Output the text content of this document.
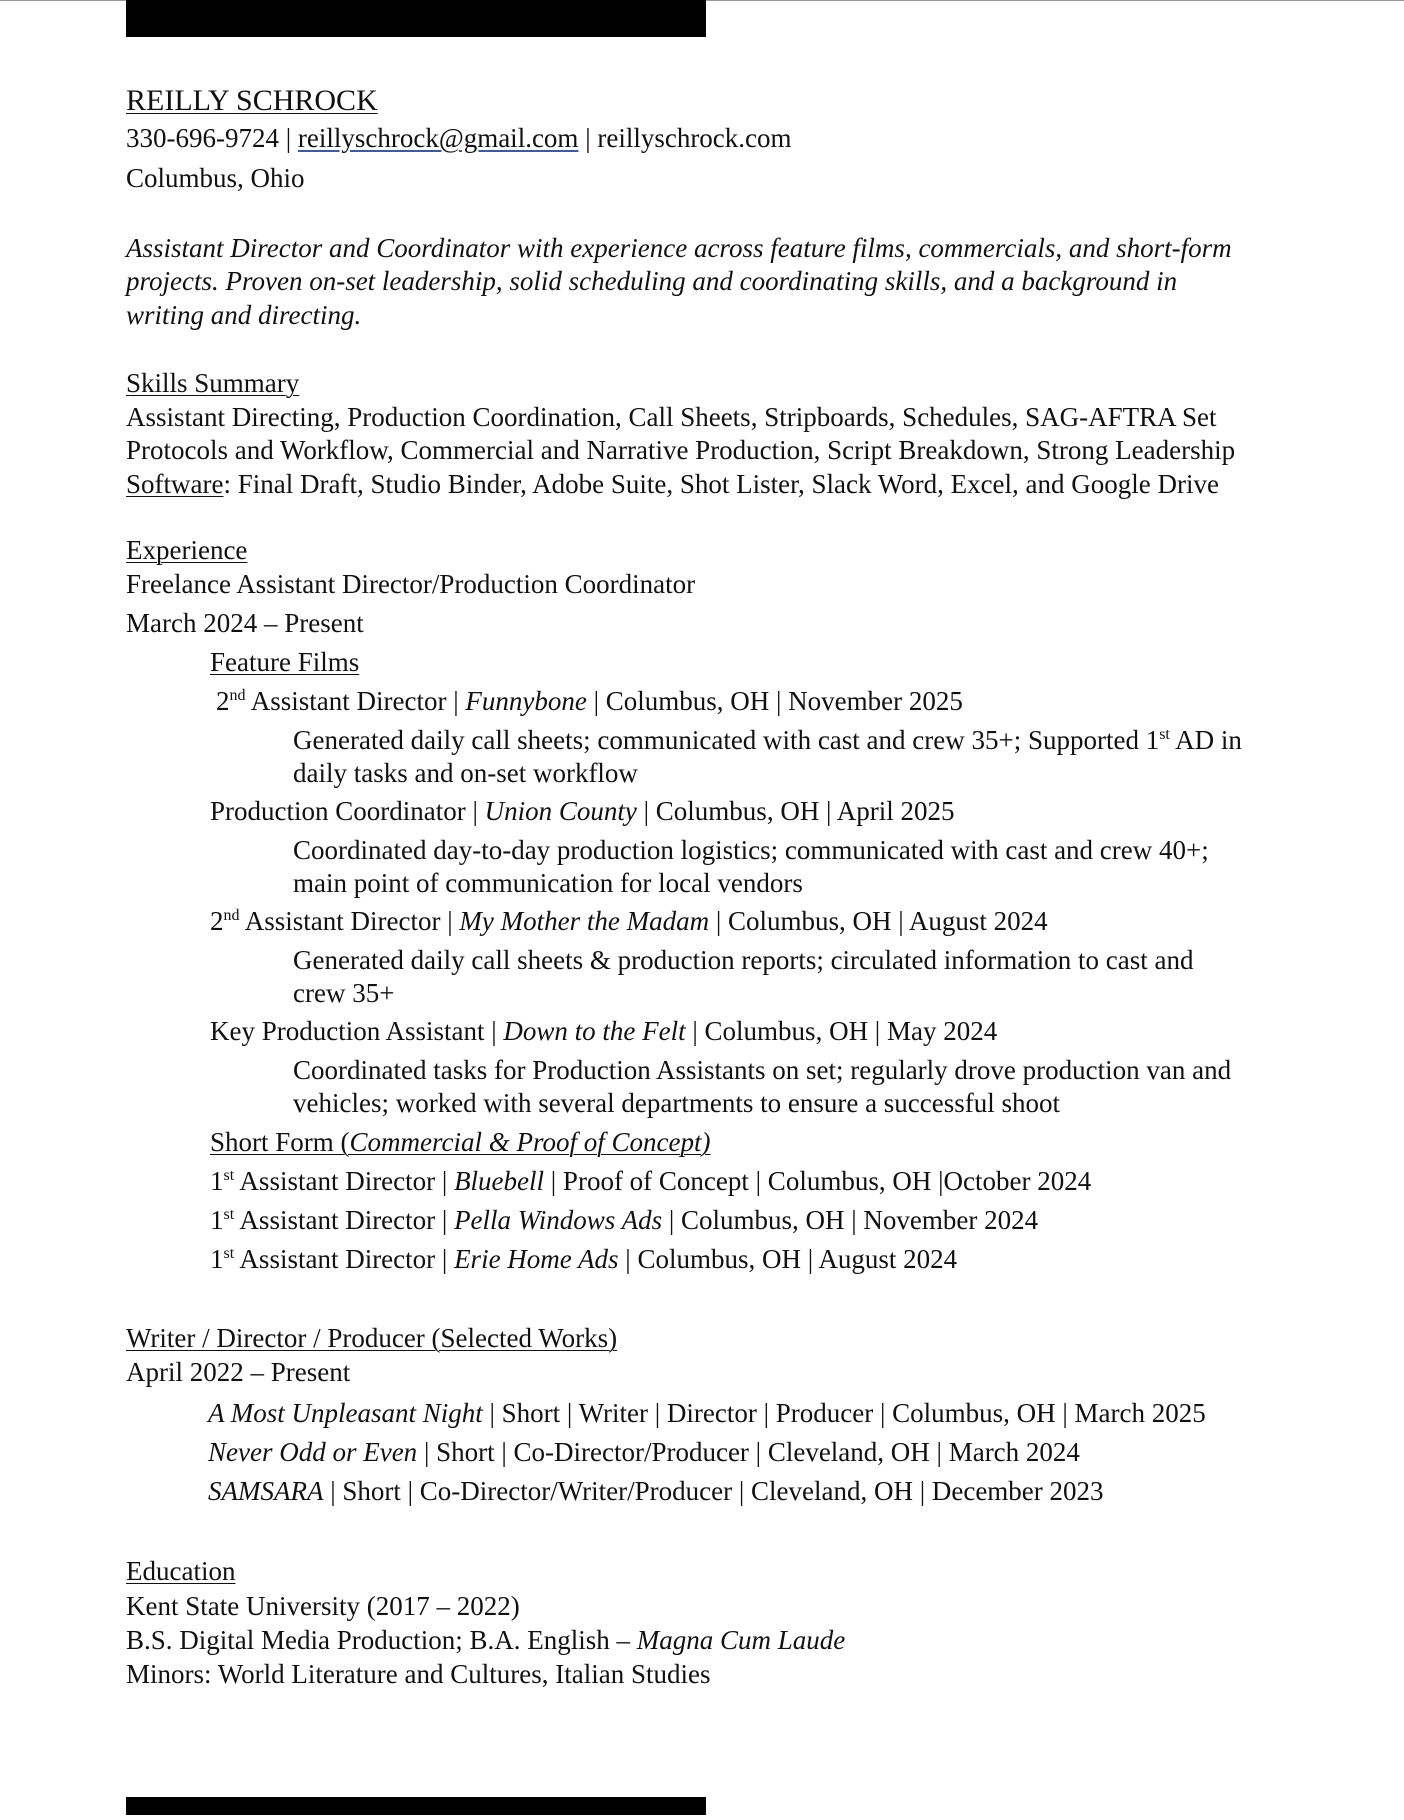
REILLY SCHROCK
330-696-9724 | reillyschrock@gmail.com | reillyschrock.com
Columbus, Ohio
Assistant Director and Coordinator with experience across feature films, commercials, and short-form
projects. Proven on-set leadership, solid scheduling and coordinating skills, and a background in
writing and directing.
Skills Summary
Assistant Directing, Production Coordination, Call Sheets, Stripboards, Schedules, SAG-AFTRA Set
Protocols and Workflow, Commercial and Narrative Production, Script Breakdown, Strong Leadership
Software: Final Draft, Studio Binder, Adobe Suite, Shot Lister, Slack Word, Excel, and Google Drive
Experience
Freelance Assistant Director/Production Coordinator
March 2024 – Present
Feature Films
2nd Assistant Director | Funnybone | Columbus, OH | November 2025
Generated daily call sheets; communicated with cast and crew 35+; Supported 1st AD in
daily tasks and on-set workflow
Production Coordinator | Union County | Columbus, OH | April 2025
Coordinated day-to-day production logistics; communicated with cast and crew 40+;
main point of communication for local vendors
2nd Assistant Director | My Mother the Madam | Columbus, OH | August 2024
Generated daily call sheets & production reports; circulated information to cast and
crew 35+
Key Production Assistant | Down to the Felt | Columbus, OH | May 2024
Coordinated tasks for Production Assistants on set; regularly drove production van and
vehicles; worked with several departments to ensure a successful shoot
Short Form (Commercial & Proof of Concept)
1st Assistant Director | Bluebell | Proof of Concept | Columbus, OH |October 2024
1st Assistant Director | Pella Windows Ads | Columbus, OH | November 2024
1st Assistant Director | Erie Home Ads | Columbus, OH | August 2024
Writer / Director / Producer (Selected Works)
April 2022 – Present
A Most Unpleasant Night | Short | Writer | Director | Producer | Columbus, OH | March 2025
Never Odd or Even | Short | Co-Director/Producer | Cleveland, OH | March 2024
SAMSARA | Short | Co-Director/Writer/Producer | Cleveland, OH | December 2023
Education
Kent State University (2017 – 2022)
B.S. Digital Media Production; B.A. English – Magna Cum Laude
Minors: World Literature and Cultures, Italian Studies
